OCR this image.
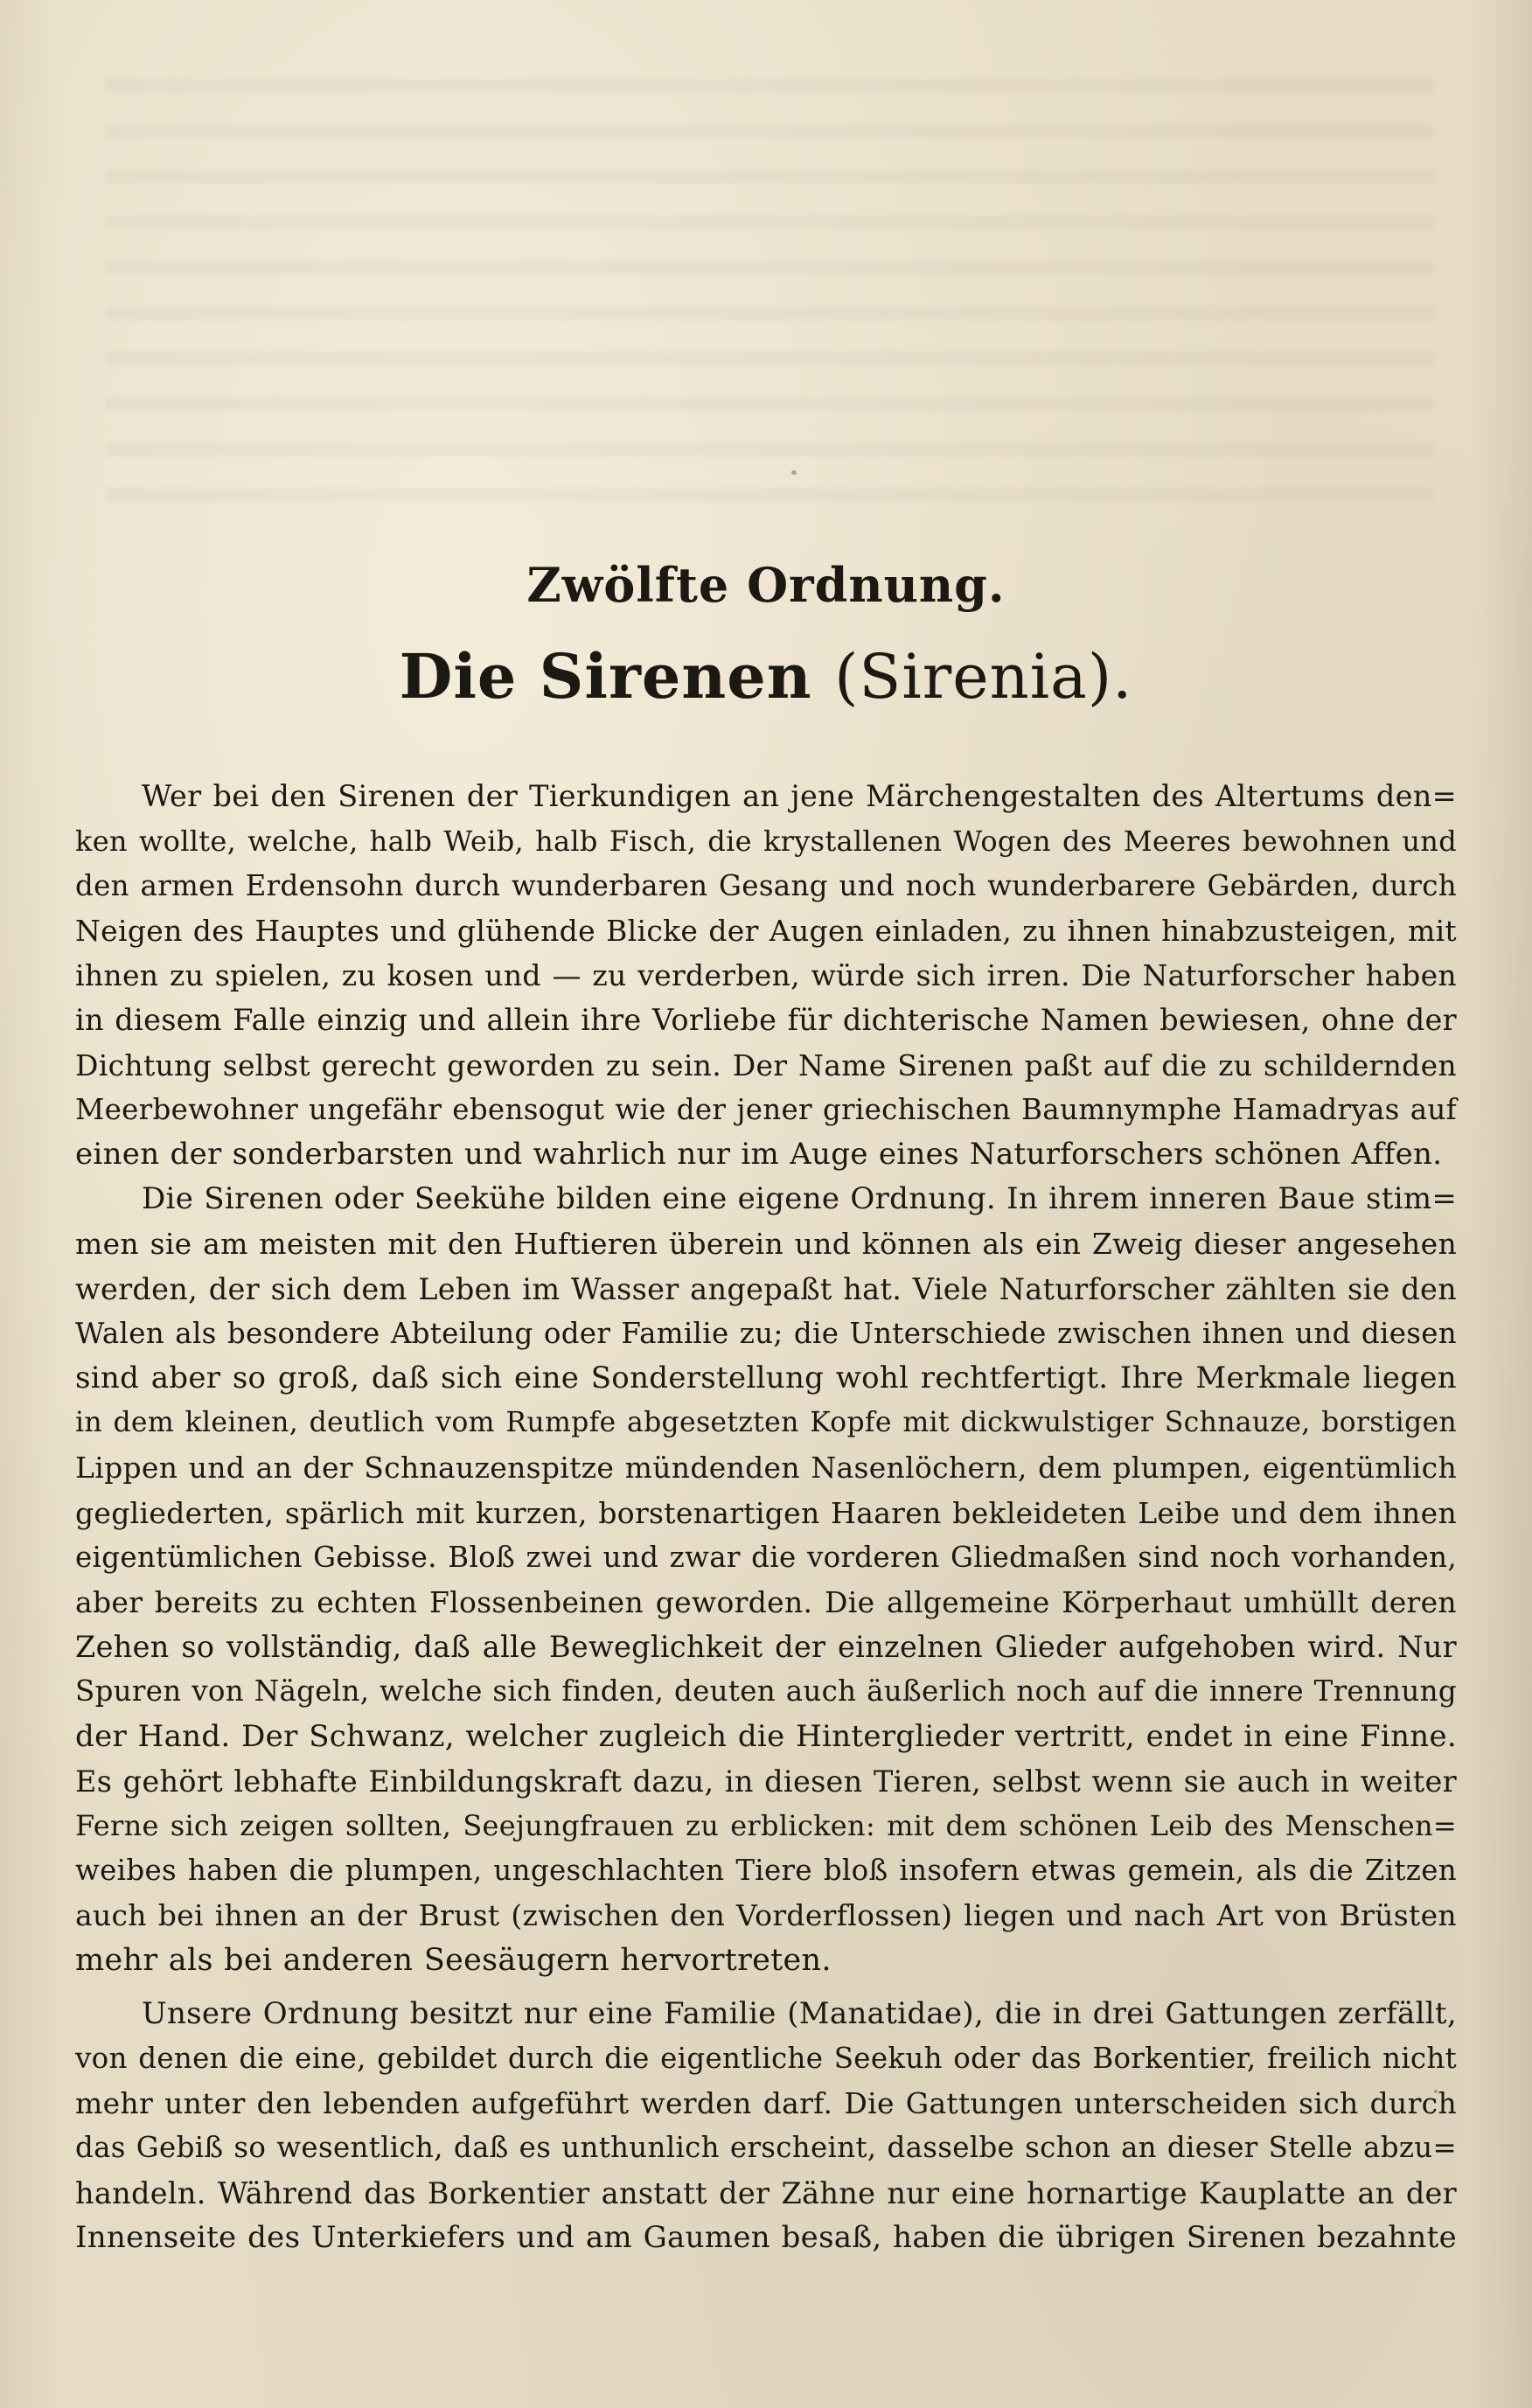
Zwölfte Ordnung.
Die Sirenen (Sirenia).
Wer bei den Sirenen der Tierkundigen an jene Märchengestalten des Altertums den=
ken wollte, welche, halb Weib, halb Fisch, die krystallenen Wogen des Meeres bewohnen und
den armen Erdensohn durch wunderbaren Gesang und noch wunderbarere Gebärden, durch
Neigen des Hauptes und glühende Blicke der Augen einladen, zu ihnen hinabzusteigen, mit
ihnen zu spielen, zu kosen und — zu verderben, würde sich irren. Die Naturforscher haben
in diesem Falle einzig und allein ihre Vorliebe für dichterische Namen bewiesen, ohne der
Dichtung selbst gerecht geworden zu sein. Der Name Sirenen paßt auf die zu schildernden
Meerbewohner ungefähr ebensogut wie der jener griechischen Baumnymphe Hamadryas auf
einen der sonderbarsten und wahrlich nur im Auge eines Naturforschers schönen Affen.
Die Sirenen oder Seekühe bilden eine eigene Ordnung. In ihrem inneren Baue stim=
men sie am meisten mit den Huftieren überein und können als ein Zweig dieser angesehen
werden, der sich dem Leben im Wasser angepaßt hat. Viele Naturforscher zählten sie den
Walen als besondere Abteilung oder Familie zu; die Unterschiede zwischen ihnen und diesen
sind aber so groß, daß sich eine Sonderstellung wohl rechtfertigt. Ihre Merkmale liegen
in dem kleinen, deutlich vom Rumpfe abgesetzten Kopfe mit dickwulstiger Schnauze, borstigen
Lippen und an der Schnauzenspitze mündenden Nasenlöchern, dem plumpen, eigentümlich
gegliederten, spärlich mit kurzen, borstenartigen Haaren bekleideten Leibe und dem ihnen
eigentümlichen Gebisse. Bloß zwei und zwar die vorderen Gliedmaßen sind noch vorhanden,
aber bereits zu echten Flossenbeinen geworden. Die allgemeine Körperhaut umhüllt deren
Zehen so vollständig, daß alle Beweglichkeit der einzelnen Glieder aufgehoben wird. Nur
Spuren von Nägeln, welche sich finden, deuten auch äußerlich noch auf die innere Trennung
der Hand. Der Schwanz, welcher zugleich die Hinterglieder vertritt, endet in eine Finne.
Es gehört lebhafte Einbildungskraft dazu, in diesen Tieren, selbst wenn sie auch in weiter
Ferne sich zeigen sollten, Seejungfrauen zu erblicken: mit dem schönen Leib des Menschen=
weibes haben die plumpen, ungeschlachten Tiere bloß insofern etwas gemein, als die Zitzen
auch bei ihnen an der Brust (zwischen den Vorderflossen) liegen und nach Art von Brüsten
mehr als bei anderen Seesäugern hervortreten.
Unsere Ordnung besitzt nur eine Familie (Manatidae), die in drei Gattungen zerfällt,
von denen die eine, gebildet durch die eigentliche Seekuh oder das Borkentier, freilich nicht
mehr unter den lebenden aufgeführt werden darf. Die Gattungen unterscheiden sich durch
das Gebiß so wesentlich, daß es unthunlich erscheint, dasselbe schon an dieser Stelle abzu=
handeln. Während das Borkentier anstatt der Zähne nur eine hornartige Kauplatte an der
Innenseite des Unterkiefers und am Gaumen besaß, haben die übrigen Sirenen bezahnte
